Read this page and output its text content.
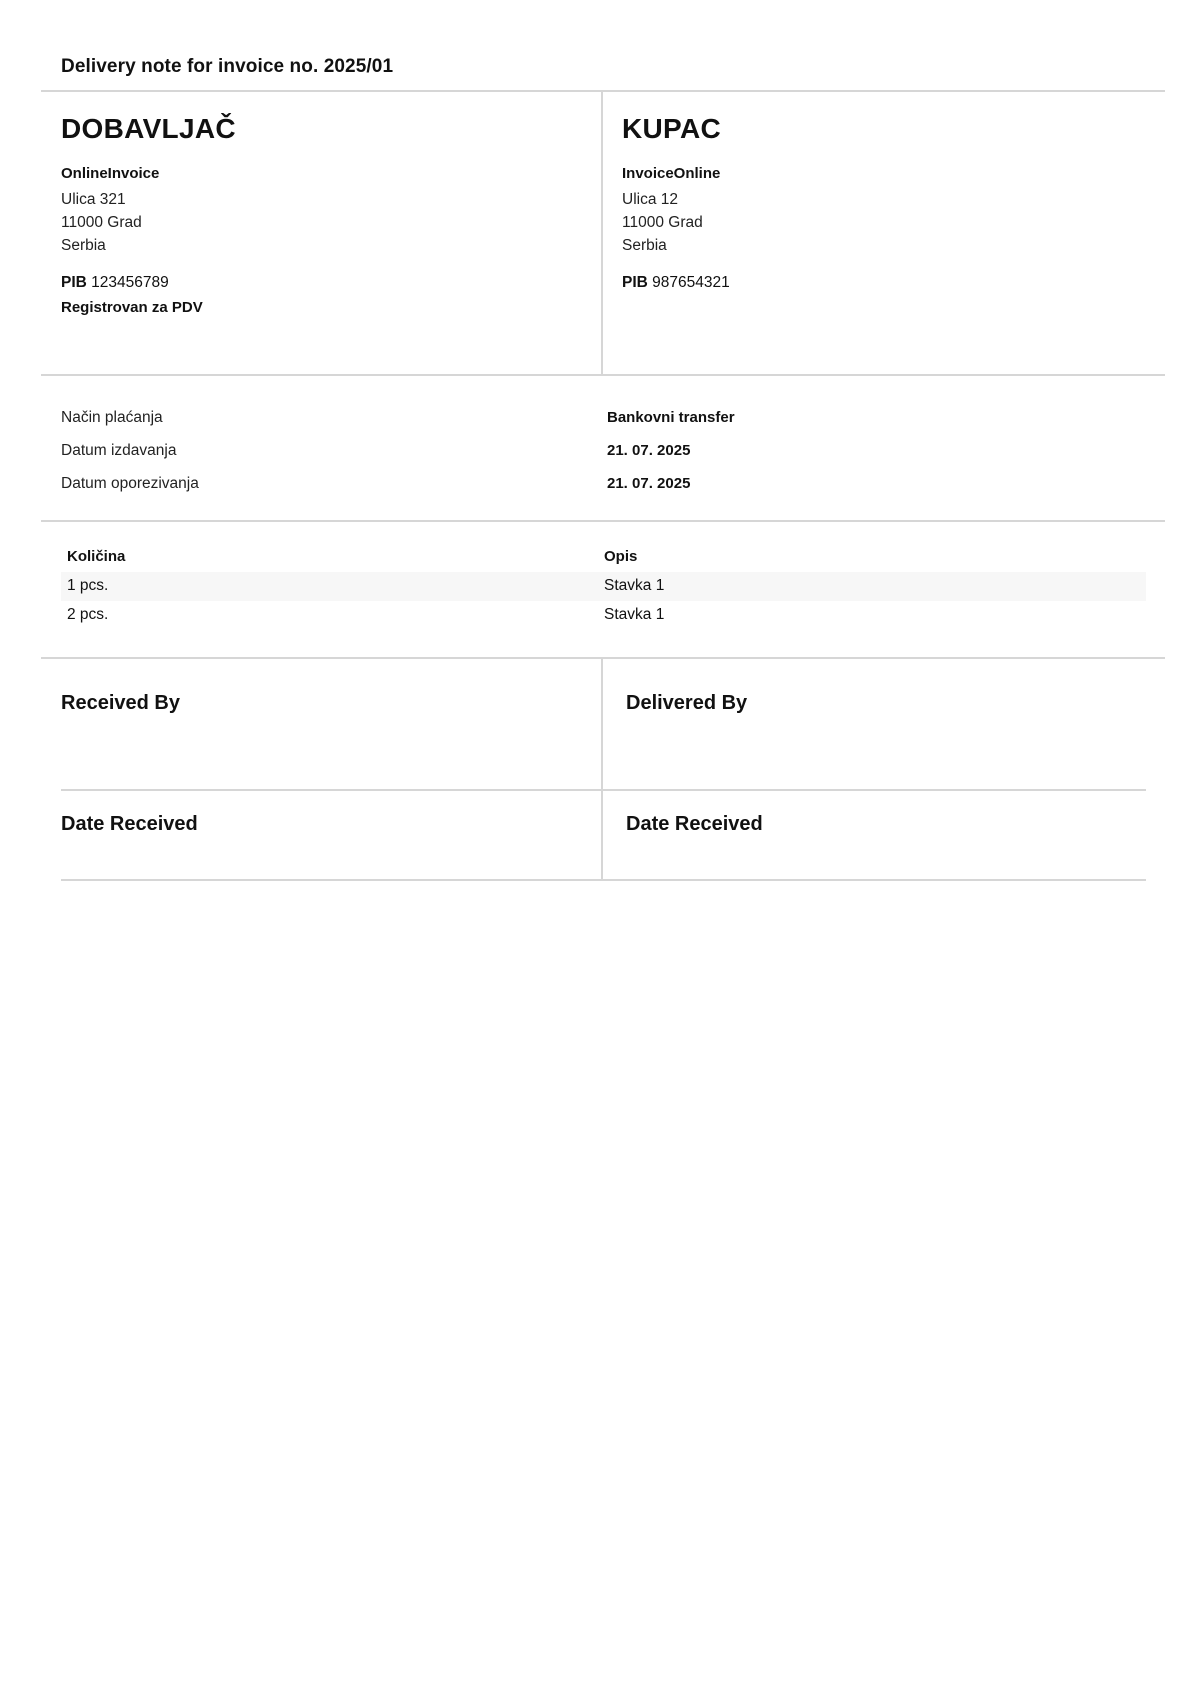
Delivery note for invoice no. 2025/01
DOBAVLJAČ
OnlineInvoice
Ulica 321
11000 Grad
Serbia
PIB 123456789
Registrovan za PDV
KUPAC
InvoiceOnline
Ulica 12
11000 Grad
Serbia
PIB 987654321
Način plaćanja	Bankovni transfer
Datum izdavanja	21. 07. 2025
Datum oporezivanja	21. 07. 2025
Količina	Opis
1 pcs.	Stavka 1
2 pcs.	Stavka 1
Received By	Delivered By
Date Received	Date Received
